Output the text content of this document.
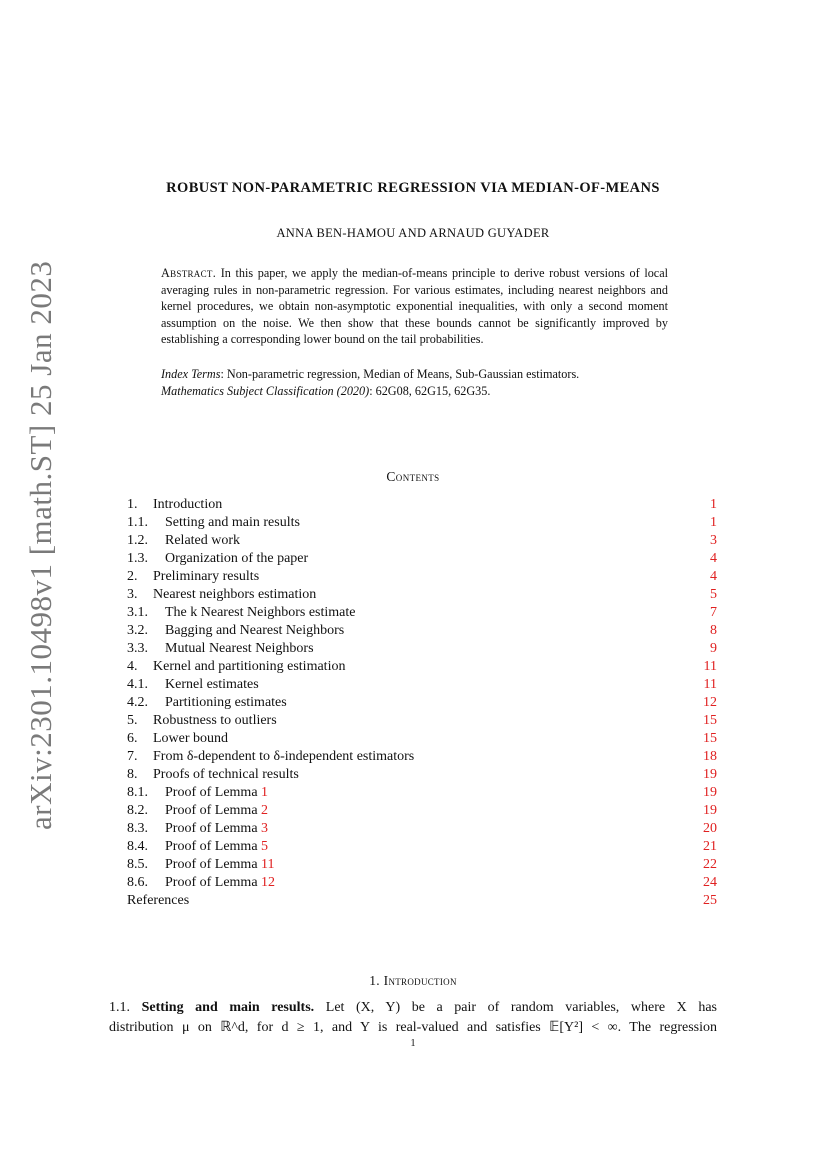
arXiv:2301.10498v1 [math.ST] 25 Jan 2023
ROBUST NON-PARAMETRIC REGRESSION VIA MEDIAN-OF-MEANS
ANNA BEN-HAMOU AND ARNAUD GUYADER
Abstract. In this paper, we apply the median-of-means principle to derive robust versions of local averaging rules in non-parametric regression. For various estimates, including nearest neighbors and kernel procedures, we obtain non-asymptotic exponential inequalities, with only a second moment assumption on the noise. We then show that these bounds cannot be significantly improved by establishing a corresponding lower bound on the tail probabilities.
Index Terms: Non-parametric regression, Median of Means, Sub-Gaussian estimators.
Mathematics Subject Classification (2020): 62G08, 62G15, 62G35.
Contents
1. Introduction	1
1.1. Setting and main results	1
1.2. Related work	3
1.3. Organization of the paper	4
2. Preliminary results	4
3. Nearest neighbors estimation	5
3.1. The k Nearest Neighbors estimate	7
3.2. Bagging and Nearest Neighbors	8
3.3. Mutual Nearest Neighbors	9
4. Kernel and partitioning estimation	11
4.1. Kernel estimates	11
4.2. Partitioning estimates	12
5. Robustness to outliers	15
6. Lower bound	15
7. From δ-dependent to δ-independent estimators	18
8. Proofs of technical results	19
8.1. Proof of Lemma 1	19
8.2. Proof of Lemma 2	19
8.3. Proof of Lemma 3	20
8.4. Proof of Lemma 5	21
8.5. Proof of Lemma 11	22
8.6. Proof of Lemma 12	24
References	25
1. Introduction
1.1. Setting and main results. Let (X, Y) be a pair of random variables, where X has
distribution μ on ℝ^d, for d ≥ 1, and Y is real-valued and satisfies 𝔼[Y²] < ∞. The regression
1
